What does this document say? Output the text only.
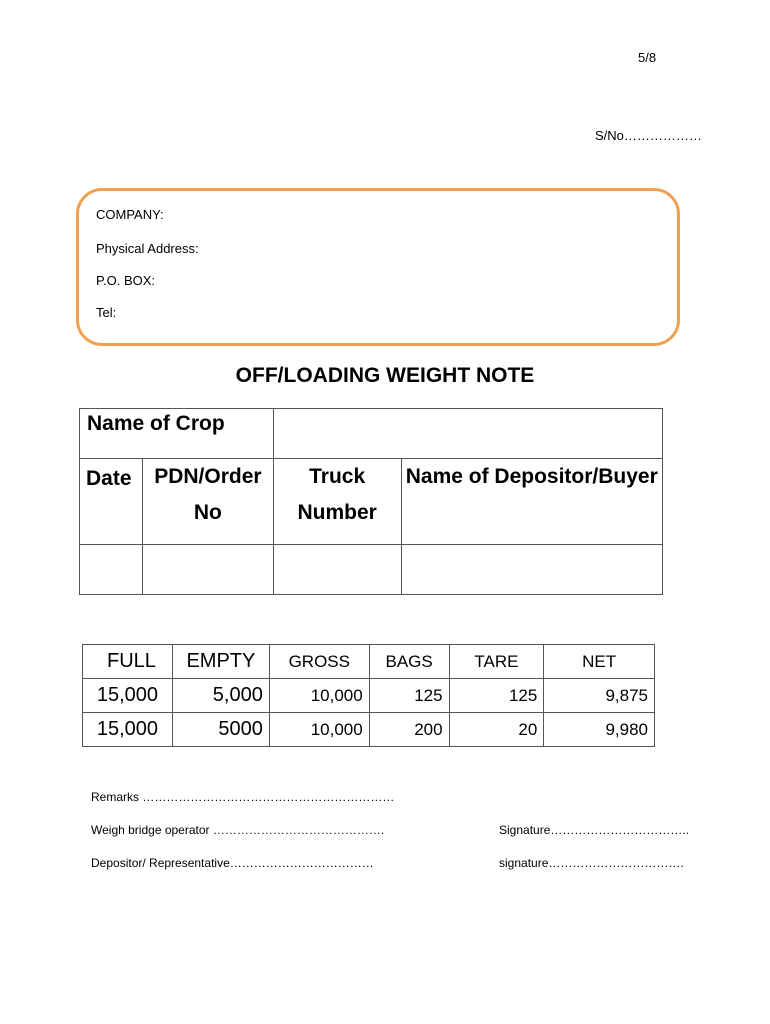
5/8
S/No………………
COMPANY:
Physical Address:
P.O. BOX:
Tel:
OFF/LOADING WEIGHT NOTE
Name of Crop			
Date	PDN/Order No	Truck Number	Name of Depositor/Buyer

FULL	EMPTY	GROSS	BAGS	TARE	NET
15,000	5,000	10,000	125	125	9,875
15,000	5000	10,000	200	20	9,980
Remarks ………………………………………………………
Weigh bridge operator …………………………………….	Signature……………………………..
Depositor/ Representative………………………………	signature…………………………….
